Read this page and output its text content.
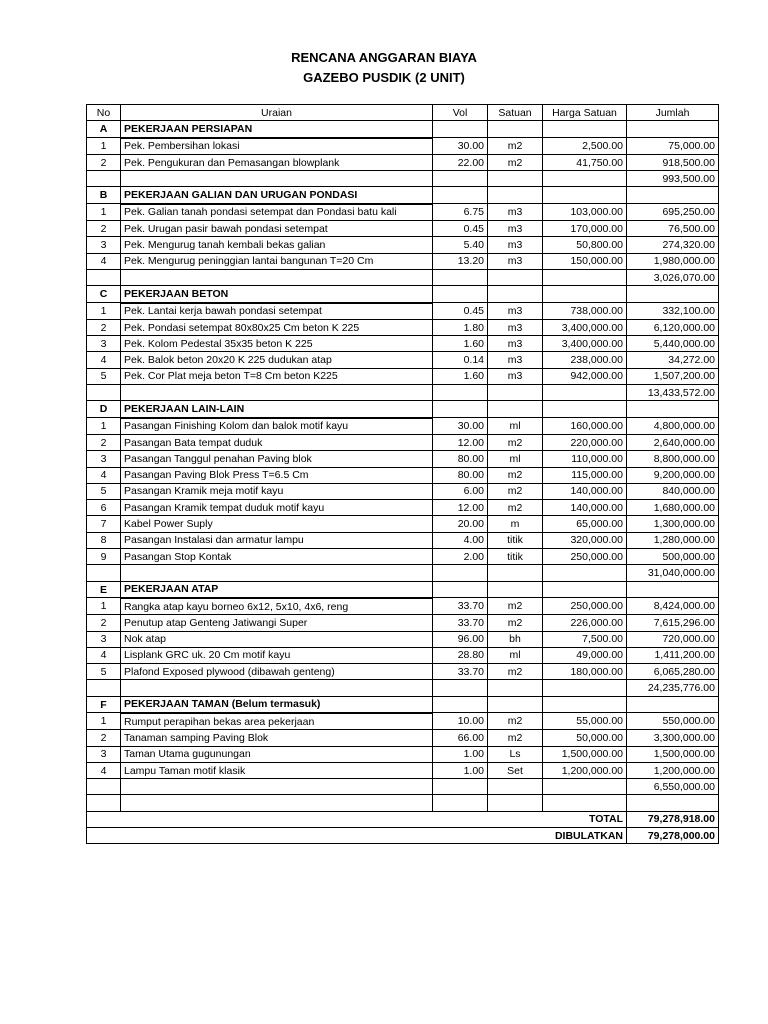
RENCANA ANGGARAN BIAYA
GAZEBO PUSDIK (2 UNIT)
No	Uraian	Vol	Satuan	Harga Satuan	Jumlah
A	PEKERJAAN PERSIAPAN				
1	Pek. Pembersihan lokasi	30.00	m2	2,500.00	75,000.00
2	Pek. Pengukuran dan Pemasangan blowplank	22.00	m2	41,750.00	918,500.00
					993,500.00
B	PEKERJAAN GALIAN DAN URUGAN PONDASI				
1	Pek. Galian tanah pondasi setempat dan Pondasi batu kali	6.75	m3	103,000.00	695,250.00
2	Pek. Urugan pasir bawah pondasi setempat	0.45	m3	170,000.00	76,500.00
3	Pek. Mengurug tanah kembali bekas galian	5.40	m3	50,800.00	274,320.00
4	Pek. Mengurug peninggian lantai bangunan T=20 Cm	13.20	m3	150,000.00	1,980,000.00
					3,026,070.00
C	PEKERJAAN BETON				
1	Pek. Lantai kerja bawah pondasi setempat	0.45	m3	738,000.00	332,100.00
2	Pek. Pondasi setempat 80x80x25 Cm beton K 225	1.80	m3	3,400,000.00	6,120,000.00
3	Pek. Kolom Pedestal 35x35 beton K 225	1.60	m3	3,400,000.00	5,440,000.00
4	Pek. Balok beton 20x20 K 225 dudukan atap	0.14	m3	238,000.00	34,272.00
5	Pek. Cor Plat meja beton T=8 Cm beton K225	1.60	m3	942,000.00	1,507,200.00
					13,433,572.00
D	PEKERJAAN LAIN-LAIN				
1	Pasangan Finishing Kolom dan balok motif kayu	30.00	ml	160,000.00	4,800,000.00
2	Pasangan Bata tempat duduk	12.00	m2	220,000.00	2,640,000.00
3	Pasangan Tanggul penahan Paving blok	80.00	ml	110,000.00	8,800,000.00
4	Pasangan Paving Blok Press T=6.5 Cm	80.00	m2	115,000.00	9,200,000.00
5	Pasangan Kramik meja motif kayu	6.00	m2	140,000.00	840,000.00
6	Pasangan Kramik tempat duduk motif kayu	12.00	m2	140,000.00	1,680,000.00
7	Kabel Power Suply	20.00	m	65,000.00	1,300,000.00
8	Pasangan Instalasi dan armatur lampu	4.00	titik	320,000.00	1,280,000.00
9	Pasangan Stop Kontak	2.00	titik	250,000.00	500,000.00
					31,040,000.00
E	PEKERJAAN ATAP				
1	Rangka atap kayu borneo 6x12, 5x10, 4x6, reng	33.70	m2	250,000.00	8,424,000.00
2	Penutup atap Genteng Jatiwangi Super	33.70	m2	226,000.00	7,615,296.00
3	Nok atap	96.00	bh	7,500.00	720,000.00
4	Lisplank GRC uk. 20 Cm motif kayu	28.80	ml	49,000.00	1,411,200.00
5	Plafond Exposed plywood (dibawah genteng)	33.70	m2	180,000.00	6,065,280.00
					24,235,776.00
F	PEKERJAAN TAMAN (Belum termasuk)				
1	Rumput perapihan bekas area pekerjaan	10.00	m2	55,000.00	550,000.00
2	Tanaman samping Paving Blok	66.00	m2	50,000.00	3,300,000.00
3	Taman Utama gugunungan	1.00	Ls	1,500,000.00	1,500,000.00
4	Lampu Taman motif klasik	1.00	Set	1,200,000.00	1,200,000.00
					6,550,000.00

TOTAL					79,278,918.00
DIBULATKAN					79,278,000.00
